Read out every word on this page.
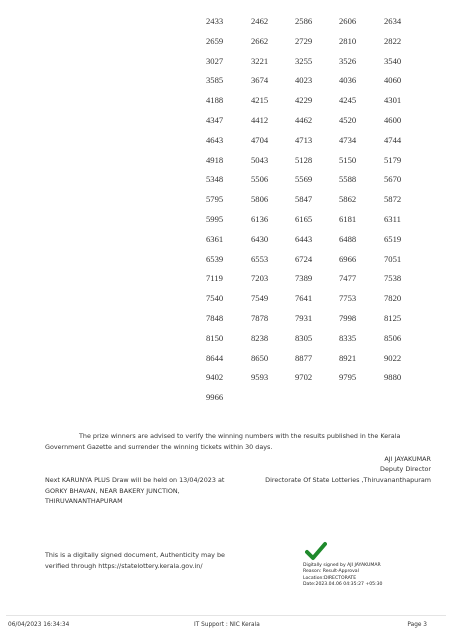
2433	2462	2586	2606	2634
2659	2662	2729	2810	2822
3027	3221	3255	3526	3540
3585	3674	4023	4036	4060
4188	4215	4229	4245	4301
4347	4412	4462	4520	4600
4643	4704	4713	4734	4744
4918	5043	5128	5150	5179
5348	5506	5569	5588	5670
5795	5806	5847	5862	5872
5995	6136	6165	6181	6311
6361	6430	6443	6488	6519
6539	6553	6724	6966	7051
7119	7203	7389	7477	7538
7540	7549	7641	7753	7820
7848	7878	7931	7998	8125
8150	8238	8305	8335	8506
8644	8650	8877	8921	9022
9402	9593	9702	9795	9880
9966

The prize winners are advised to verify the winning numbers with the results published in the Kerala Government Gazette and surrender the winning tickets within 30 days.

AJI JAYAKUMAR
Deputy Director
Directorate Of State Lotteries ,Thiruvananthapuram
Next KARUNYA PLUS Draw will be held on 13/04/2023 at
GORKY BHAVAN, NEAR BAKERY JUNCTION,
THIRUVANANTHAPURAM
This is a digitally signed document, Authenticity may be
verified through https://statelottery.kerala.gov.in/	Digitally signed by AJI JAYAKUMAR
Reason: Result-Approval
Location:DIRECTORATE
Date:2023.04.06 04:35:27 +05:30
06/04/2023 16:34:34	IT Support : NIC Kerala	Page 3
